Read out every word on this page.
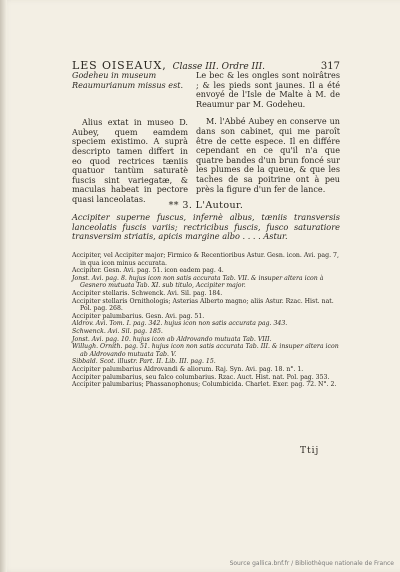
LES OISEAUX, Classe III. Ordre III.	317

Godeheu in museum Reaumurianum missus est.

Alius extat in museo D. Aubey, quem eamdem speciem existimo. A suprà descripto tamen differt in eo quod rectrices tæniis quatuor tantùm saturatè fuscis sint variegatæ, & maculas habeat in pectore quasi lanceolatas.

Le bec & les ongles sont noirâtres ; & les pieds sont jaunes. Il a été envoyé de l'Isle de Malte à M. de Reaumur par M. Godeheu.

M. l'Abbé Aubey en conserve un dans son cabinet, qui me paroît être de cette espece. Il en différe cependant en ce qu'il n'a que quatre bandes d'un brun foncé sur les plumes de la queue, & que les taches de sa poitrine ont à peu près la figure d'un fer de lance.

** 3. L'Autour.
Accipiter superne fuscus, infernè albus, tæniis transversis lanceolatis fuscis variis; rectricibus fuscis, fusco saturatiore transversim striatis, apicis margine albo . . . . Astur.
Accipiter, vel Accipiter major; Firmico & Recentioribus Astur. Gesn. icon. Avi. pag. 7, in qua icon minus accurata.
Accipiter. Gesn. Avi. pag. 51. icon eadem pag. 4.
Jonst. Avi. pag. 8. hujus icon non satis accurata Tab. VII. & insuper altera icon à Gesnero mutuata Tab. XI. sub titulo, Accipiter major.
Accipiter stellaris. Schwenck. Avi. Sil. pag. 184.
Accipiter stellaris Ornithologis; Asterias Alberto magno; aliis Astur. Rzac. Hist. nat. Pol. pag. 268.
Accipiter palumbarius. Gesn. Avi. pag. 51.
Aldrov. Avi. Tom. I. pag. 342. hujus icon non satis accurata pag. 343.
Schwenck. Avi. Sil. pag. 185.
Jonst. Avi. pag. 10. hujus icon ab Aldrovando mutuata Tab. VIII.
Willugh. Ornith. pag. 51. hujus icon non satis accurata Tab. III. & insuper altera icon ab Aldrovando mutuata Tab. V.
Sibbald. Scot. illustr. Part. II. Lib. III. pag. 15.
Accipiter palumbarius Aldrovandi & aliorum. Raj. Syn. Avi. pag. 18. n°. 1.
Accipiter palumbarius, seu falco columbarius. Rzac. Auct. Hist. nat. Pol. pag. 353.
Accipiter palumbarius; Phassanophonus; Columbicida. Charlet. Exer. pag. 72. N°. 2.
Ttij
Source gallica.bnf.fr / Bibliothèque nationale de France
